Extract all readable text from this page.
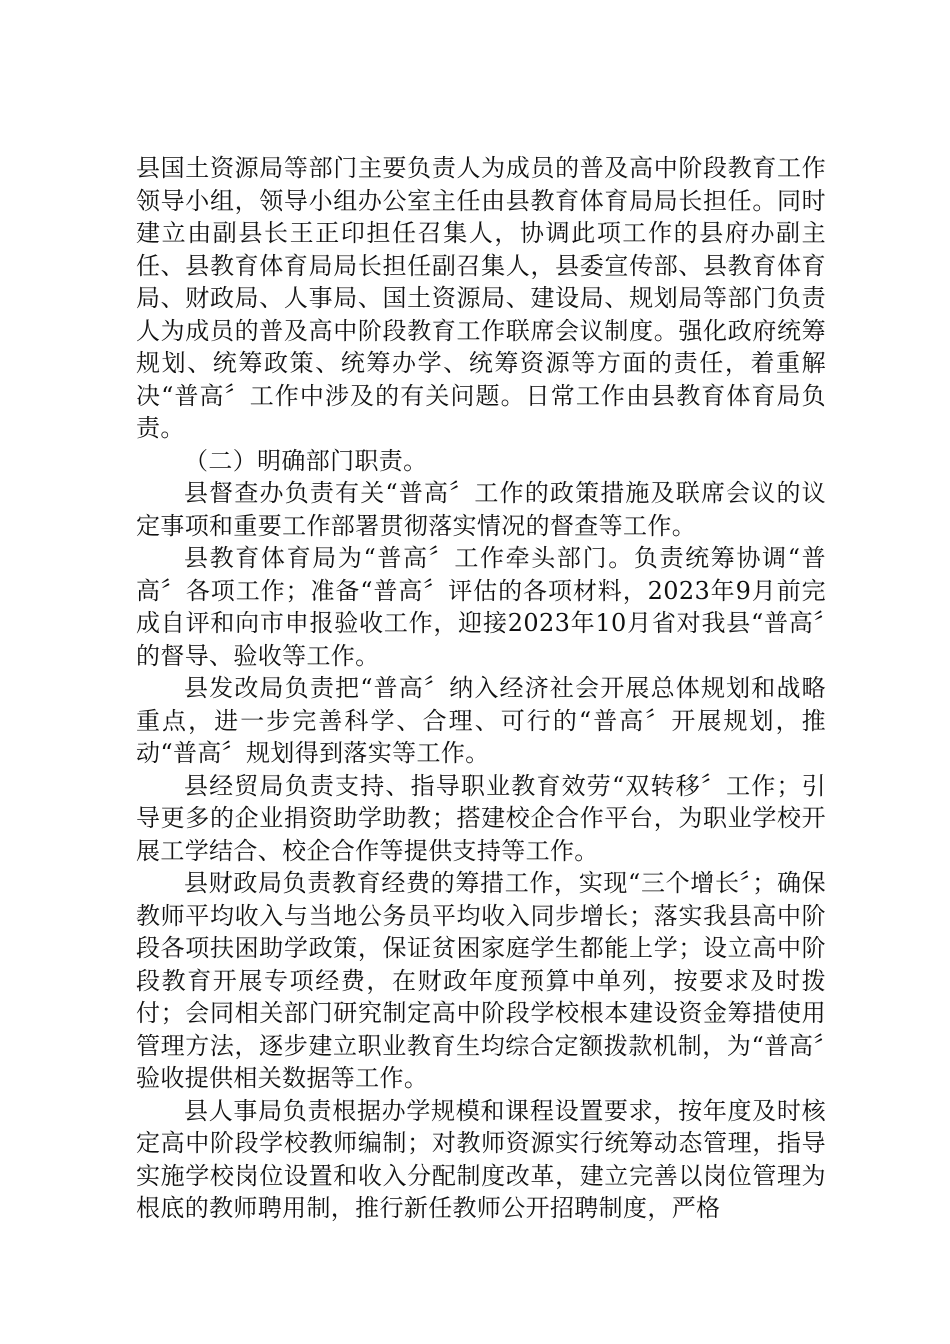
县国土资源局等部门主要负责人为成员的普及高中阶段教育工作领导小组，领导小组办公室主任由县教育体育局局长担任。同时建立由副县长王正印担任召集人，协调此项工作的县府办副主任、县教育体育局局长担任副召集人，县委宣传部、县教育体育局、财政局、人事局、国土资源局、建设局、规划局等部门负责人为成员的普及高中阶段教育工作联席会议制度。强化政府统筹规划、统筹政策、统筹办学、统筹资源等方面的责任，着重解决“普高〞工作中涉及的有关问题。日常工作由县教育体育局负责。

（二）明确部门职责。

县督查办负责有关“普高〞工作的政策措施及联席会议的议定事项和重要工作部署贯彻落实情况的督查等工作。

县教育体育局为“普高〞工作牵头部门。负责统筹协调“普高〞各项工作；准备“普高〞评估的各项材料，2023年9月前完成自评和向市申报验收工作，迎接2023年10月省对我县“普高〞的督导、验收等工作。

县发改局负责把“普高〞纳入经济社会开展总体规划和战略重点，进一步完善科学、合理、可行的“普高〞开展规划，推动“普高〞规划得到落实等工作。

县经贸局负责支持、指导职业教育效劳“双转移〞工作；引导更多的企业捐资助学助教；搭建校企合作平台，为职业学校开展工学结合、校企合作等提供支持等工作。

县财政局负责教育经费的筹措工作，实现“三个增长〞；确保教师平均收入与当地公务员平均收入同步增长；落实我县高中阶段各项扶困助学政策，保证贫困家庭学生都能上学；设立高中阶段教育开展专项经费，在财政年度预算中单列，按要求及时拨付；会同相关部门研究制定高中阶段学校根本建设资金筹措使用管理方法，逐步建立职业教育生均综合定额拨款机制，为“普高〞验收提供相关数据等工作。

县人事局负责根据办学规模和课程设置要求，按年度及时核定高中阶段学校教师编制；对教师资源实行统筹动态管理，指导实施学校岗位设置和收入分配制度改革，建立完善以岗位管理为根底的教师聘用制，推行新任教师公开招聘制度，严格
